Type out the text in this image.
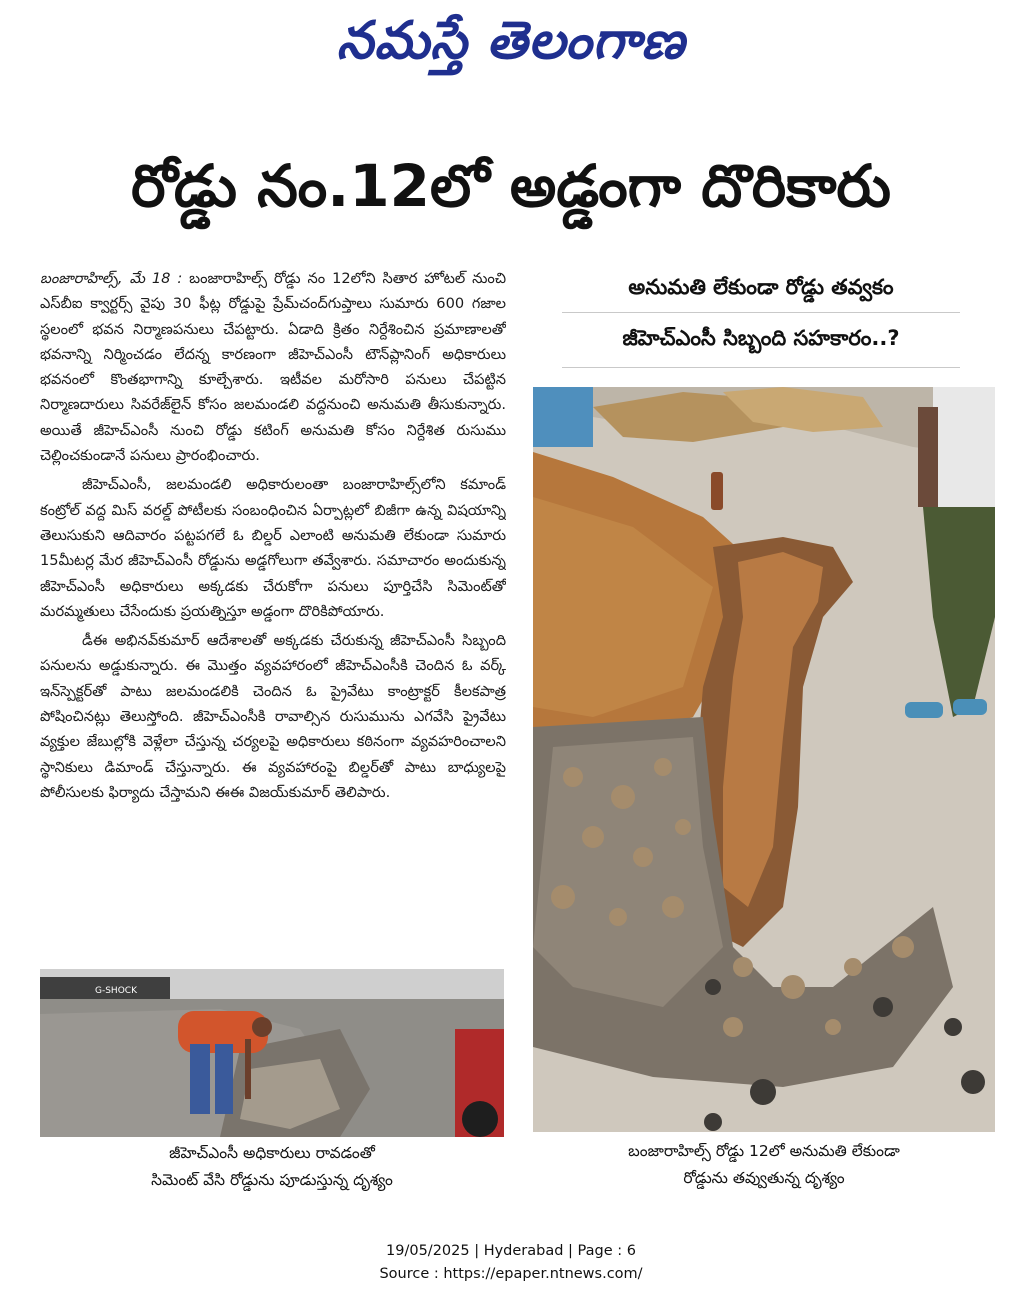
నమస్తే తెలంగాణ
రోడ్డు నం.12లో అడ్డంగా దొరికారు

బంజారాహిల్స్, మే 18 : బంజారాహిల్స్ రోడ్డు నం 12లోని సితార హోటల్ నుంచి ఎస్‌బీఐ క్వార్టర్స్ వైపు 30 ఫీట్ల రోడ్డుపై ప్రేమ్‌చంద్‌గుప్తాలు సుమారు 600 గజాల స్థలంలో భవన నిర్మాణపనులు చేపట్టారు. ఏడాది క్రితం నిర్దేశించిన ప్రమాణాలతో భవనాన్ని నిర్మించడం లేదన్న కారణంగా జీహెచ్ఎంసీ టౌన్‌ప్లానింగ్ అధికారులు భవనంలో కొంతభాగాన్ని కూల్చేశారు. ఇటీవల మరోసారి పనులు చేపట్టిన నిర్మాణదారులు సివరేజ్‌లైన్ కోసం జలమండలి వద్దనుంచి అనుమతి తీసుకున్నారు. అయితే జీహెచ్ఎంసీ నుంచి రోడ్డు కటింగ్ అనుమతి కోసం నిర్దేశిత రుసుము చెల్లించకుండానే పనులు ప్రారంభించారు.

జీహెచ్ఎంసీ, జలమండలి అధికారులంతా బంజారాహిల్స్‌లోని కమాండ్ కంట్రోల్ వద్ద మిస్ వరల్డ్ పోటీలకు సంబంధించిన ఏర్పాట్లలో బిజీగా ఉన్న విషయాన్ని తెలుసుకుని ఆదివారం పట్టపగలే ఓ బిల్డర్ ఎలాంటి అనుమతి లేకుండా సుమారు 15మీటర్ల మేర జీహెచ్ఎంసీ రోడ్డును అడ్డగోలుగా తవ్వేశారు. సమాచారం అందుకున్న జీహెచ్ఎంసీ అధికారులు అక్కడకు చేరుకోగా పనులు పూర్తిచేసి సిమెంట్‌తో మరమ్మతులు చేసేందుకు ప్రయత్నిస్తూ అడ్డంగా దొరికిపోయారు.

డీఈ అభినవ్‌కుమార్ ఆదేశాలతో అక్కడకు చేరుకున్న జీహెచ్ఎంసీ సిబ్బంది పనులను అడ్డుకున్నారు. ఈ మొత్తం వ్యవహారంలో జీహెచ్ఎంసీకి చెందిన ఓ వర్క్ ఇన్‌స్పెక్టర్‌తో పాటు జలమండలికి చెందిన ఓ ప్రైవేటు కాంట్రాక్టర్ కీలకపాత్ర పోషించినట్లు తెలుస్తోంది. జీహెచ్ఎంసీకి రావాల్సిన రుసుమును ఎగవేసి ప్రైవేటు వ్యక్తుల జేబుల్లోకి వెళ్లేలా చేస్తున్న చర్యలపై అధికారులు కఠినంగా వ్యవహరించాలని స్థానికులు డిమాండ్ చేస్తున్నారు. ఈ వ్యవహారంపై బిల్డర్‌తో పాటు బాధ్యులపై పోలీసులకు ఫిర్యాదు చేస్తామని ఈఈ విజయ్‌కుమార్ తెలిపారు.

అనుమతి లేకుండా రోడ్డు తవ్వకం
జీహెచ్ఎంసీ సిబ్బంది సహకారం..?
బంజారాహిల్స్ రోడ్డు 12లో అనుమతి లేకుండా
రోడ్డును తవ్వుతున్న దృశ్యం
G-SHOCK
జీహెచ్ఎంసీ అధికారులు రావడంతో
సిమెంట్ వేసి రోడ్డును పూడుస్తున్న దృశ్యం
19/05/2025 | Hyderabad | Page : 6
Source : https://epaper.ntnews.com/
